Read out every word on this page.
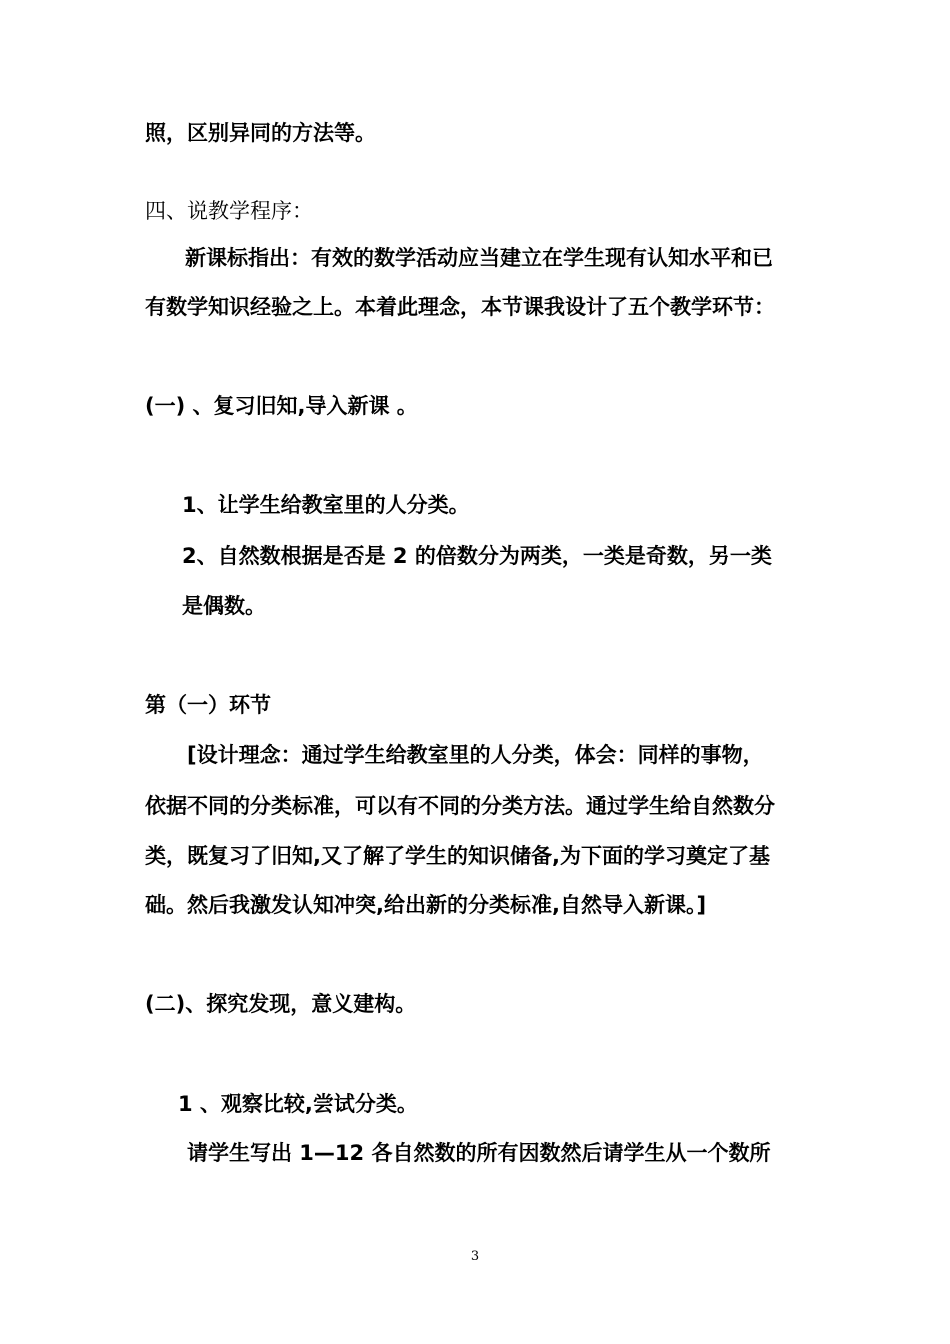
照，区别异同的方法等。
四、说教学程序：
新课标指出：有效的数学活动应当建立在学生现有认知水平和已
有数学知识经验之上。本着此理念，本节课我设计了五个教学环节：
(一) 、复习旧知,导入新课 。
1、让学生给教室里的人分类。
2、自然数根据是否是 2 的倍数分为两类，一类是奇数，另一类
是偶数。
第（一）环节
[设计理念：通过学生给教室里的人分类，体会：同样的事物，
依据不同的分类标准，可以有不同的分类方法。通过学生给自然数分
类，既复习了旧知,又了解了学生的知识储备,为下面的学习奠定了基
础。然后我激发认知冲突,给出新的分类标准,自然导入新课。]
(二)、探究发现，意义建构。
1 、观察比较,尝试分类。
请学生写出 1—12 各自然数的所有因数然后请学生从一个数所
3
